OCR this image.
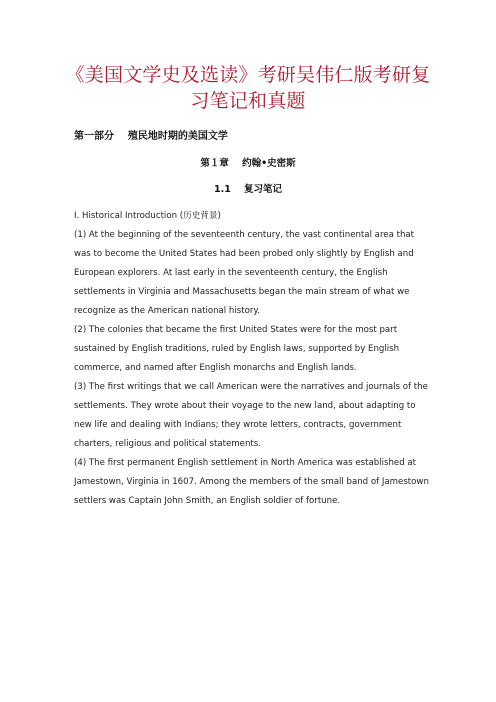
《美国文学史及选读》考研吴伟仁版考研复习笔记和真题
第一部分    殖民地时期的美国文学
第１章    约翰•史密斯
1.1    复习笔记

I. Historical Introduction (历史背景)

(1) At the beginning of the seventeenth century, the vast continental area that was to become the United States had been probed only slightly by English and European explorers. At last early in the seventeenth century, the English settlements in Virginia and Massachusetts began the main stream of what we recognize as the American national history.

(2) The colonies that became the first United States were for the most part sustained by English traditions, ruled by English laws, supported by English commerce, and named after English monarchs and English lands.

(3) The first writings that we call American were the narratives and journals of the settlements. They wrote about their voyage to the new land, about adapting to new life and dealing with Indians; they wrote letters, contracts, government charters, religious and political statements.

(4) The first permanent English settlement in North America was established at Jamestown, Virginia in 1607. Among the members of the small band of Jamestown settlers was Captain John Smith, an English soldier of fortune.
